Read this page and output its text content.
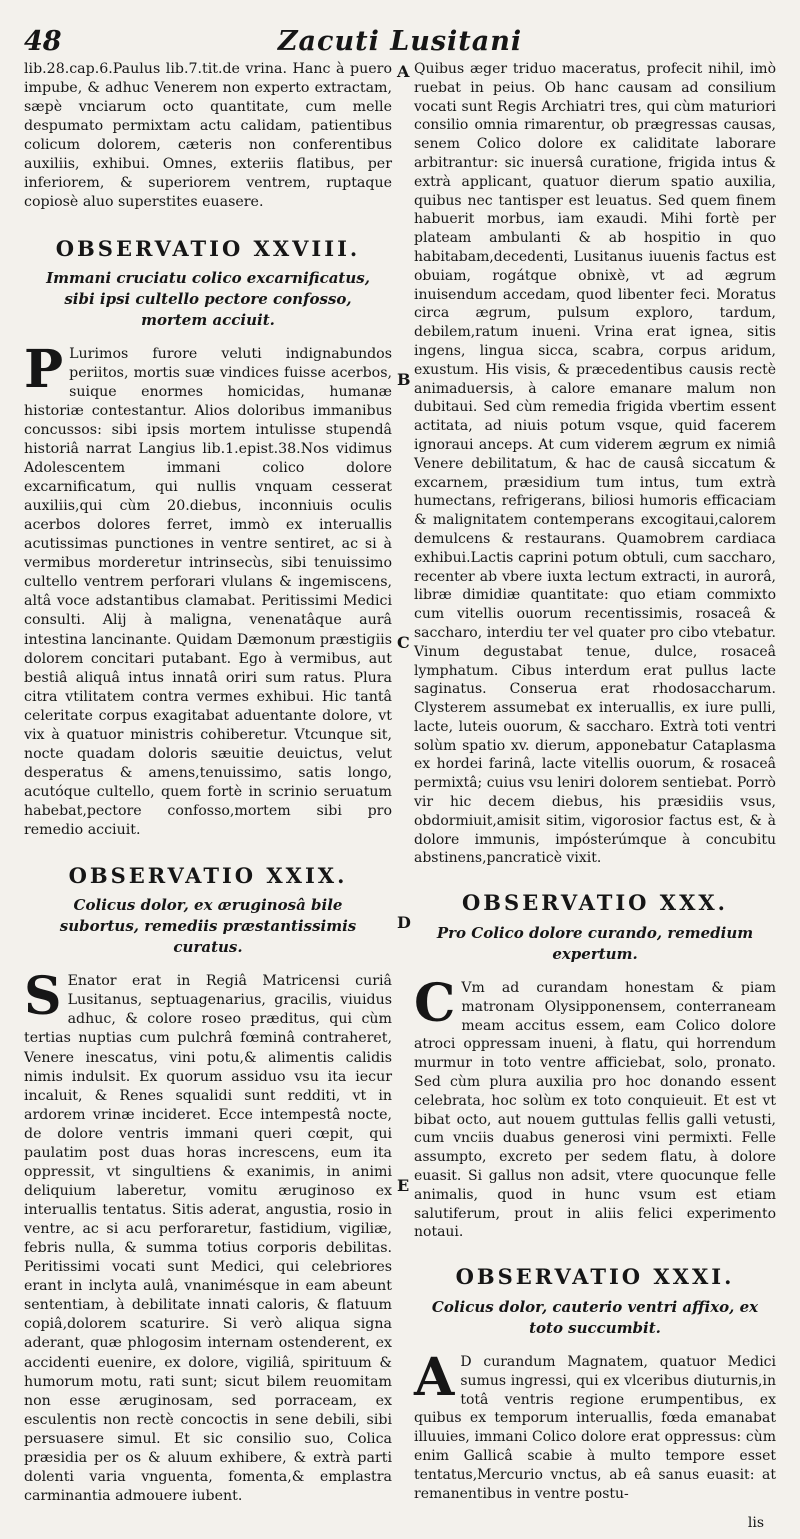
48	Zacuti Lusitani
A
B
C
D
E

lib.28.cap.6.Paulus lib.7.tit.de vrina. Hanc à puero impube, & adhuc Venerem non experto extractam, sæpè vnciarum octo quantitate, cum melle despumato permixtam actu calidam, patientibus colicum dolorem, cæteris non conferentibus auxiliis, exhibui. Omnes, exteriis flatibus, per inferiorem, & superiorem ventrem, ruptaque copiosè aluo superstites euasere.

OBSERVATIO XXVIII.
Immani cruciatu colico excarnificatus, sibi ipsi cultello pectore confosso, mortem acciuit.

P Lurimos furore veluti indignabundos periitos, mortis suæ vindices fuisse acerbos, suique enormes homicidas, humanæ historiæ contestantur. Alios doloribus immanibus concussos: sibi ipsis mortem intulisse stupendâ historiâ narrat Langius lib.1.epist.38.Nos vidimus Adolescentem immani colico dolore excarnificatum, qui nullis vnquam cesserat auxiliis,qui cùm 20.diebus, inconniuis oculis acerbos dolores ferret, immò ex interuallis acutissimas punctiones in ventre sentiret, ac si à vermibus morderetur intrinsecùs, sibi tenuissimo cultello ventrem perforari vlulans & ingemiscens, altâ voce adstantibus clamabat. Peritissimi Medici consulti. Alij à maligna, venenatâque aurâ intestina lancinante. Quidam Dæmonum præstigiis dolorem concitari putabant. Ego à vermibus, aut bestiâ aliquâ intus innatâ oriri sum ratus. Plura citra vtilitatem contra vermes exhibui. Hic tantâ celeritate corpus exagitabat aduentante dolore, vt vix à quatuor ministris cohiberetur. Vtcunque sit, nocte quadam doloris sæuitie deuictus, velut desperatus & amens,tenuissimo, satis longo, acutóque cultello, quem fortè in scrinio seruatum habebat,pectore confosso,mortem sibi pro remedio acciuit.

OBSERVATIO XXIX.
Colicus dolor, ex æruginosâ bile subortus, remediis præstantissimis curatus.

S Enator erat in Regiâ Matricensi curiâ Lusitanus, septuagenarius, gracilis, viuidus adhuc, & colore roseo præditus, qui cùm tertias nuptias cum pulchrâ fœminâ contraheret, Venere inescatus, vini potu,& alimentis calidis nimis indulsit. Ex quorum assiduo vsu ita iecur incaluit, & Renes squalidi sunt redditi, vt in ardorem vrinæ incideret. Ecce intempestâ nocte, de dolore ventris immani queri cœpit, qui paulatim post duas horas increscens, eum ita oppressit, vt singultiens & exanimis, in animi deliquium laberetur, vomitu æruginoso ex interuallis tentatus. Sitis aderat, angustia, rosio in ventre, ac si acu perforaretur, fastidium, vigiliæ, febris nulla, & summa totius corporis debilitas. Peritissimi vocati sunt Medici, qui celebriores erant in inclyta aulâ, vnanimésque in eam abeunt sententiam, à debilitate innati caloris, & flatuum copiâ,dolorem scaturire. Si verò aliqua signa aderant, quæ phlogosim internam ostenderent, ex accidenti euenire, ex dolore, vigiliâ, spirituum & humorum motu, rati sunt; sicut bilem reuomitam non esse æruginosam, sed porraceam, ex esculentis non rectè concoctis in sene debili, sibi persuasere simul. Et sic consilio suo, Colica præsidia per os & aluum exhibere, & extrà parti dolenti varia vnguenta, fomenta,& emplastra carminantia admouere iubent.

Quibus æger triduo maceratus, profecit nihil, imò ruebat in peius. Ob hanc causam ad consilium vocati sunt Regis Archiatri tres, qui cùm maturiori consilio omnia rimarentur, ob prægressas causas, senem Colico dolore ex caliditate laborare arbitrantur: sic inuersâ curatione, frigida intus & extrà applicant, quatuor dierum spatio auxilia, quibus nec tantisper est leuatus. Sed quem finem habuerit morbus, iam exaudi. Mihi fortè per plateam ambulanti & ab hospitio in quo habitabam,decedenti, Lusitanus iuuenis factus est obuiam, rogátque obnixè, vt ad ægrum inuisendum accedam, quod libenter feci. Moratus circa ægrum, pulsum exploro, tardum, debilem,ratum inueni. Vrina erat ignea, sitis ingens, lingua sicca, scabra, corpus aridum, exustum. His visis, & præcedentibus causis rectè animaduersis, à calore emanare malum non dubitaui. Sed cùm remedia frigida vbertim essent actitata, ad niuis potum vsque, quid facerem ignoraui anceps. At cum viderem ægrum ex nimiâ Venere debilitatum, & hac de causâ siccatum & excarnem, præsidium tum intus, tum extrà humectans, refrigerans, biliosi humoris efficaciam & malignitatem contemperans excogitaui,calorem demulcens & restaurans. Quamobrem cardiaca exhibui.Lactis caprini potum obtuli, cum saccharo, recenter ab vbere iuxta lectum extracti, in aurorâ, libræ dimidiæ quantitate: quo etiam commixto cum vitellis ouorum recentissimis, rosaceâ & saccharo, interdiu ter vel quater pro cibo vtebatur. Vinum degustabat tenue, dulce, rosaceâ lymphatum. Cibus interdum erat pullus lacte saginatus. Conserua erat rhodosaccharum. Clysterem assumebat ex interuallis, ex iure pulli, lacte, luteis ouorum, & saccharo. Extrà toti ventri solùm spatio xv. dierum, apponebatur Cataplasma ex hordei farinâ, lacte vitellis ouorum, & rosaceâ permixtâ; cuius vsu leniri dolorem sentiebat. Porrò vir hic decem diebus, his præsidiis vsus, obdormiuit,amisit sitim, vigorosior factus est, & à dolore immunis, impósterúmque à concubitu abstinens,pancraticè vixit.

OBSERVATIO XXX.
Pro Colico dolore curando, remedium expertum.

C Vm ad curandam honestam & piam matronam Olysipponensem, conterraneam meam accitus essem, eam Colico dolore atroci oppressam inueni, à flatu, qui horrendum murmur in toto ventre afficiebat, solo, pronato. Sed cùm plura auxilia pro hoc donando essent celebrata, hoc solùm ex toto conquieuit. Et est vt bibat octo, aut nouem guttulas fellis galli vetusti, cum vnciis duabus generosi vini permixti. Felle assumpto, excreto per sedem flatu, à dolore euasit. Si gallus non adsit, vtere quocunque felle animalis, quod in hunc vsum est etiam salutiferum, prout in aliis felici experimento notaui.

OBSERVATIO XXXI.
Colicus dolor, cauterio ventri affixo, ex toto succumbit.

A D curandum Magnatem, quatuor Medici sumus ingressi, qui ex vlceribus diuturnis,in totâ ventris regione erumpentibus, ex quibus ex temporum interuallis, fœda emanabat illuuies, immani Colico dolore erat oppressus: cùm enim Gallicâ scabie à multo tempore esset tentatus,Mercurio vnctus, ab eâ sanus euasit: at remanentibus in ventre postu-

lis
